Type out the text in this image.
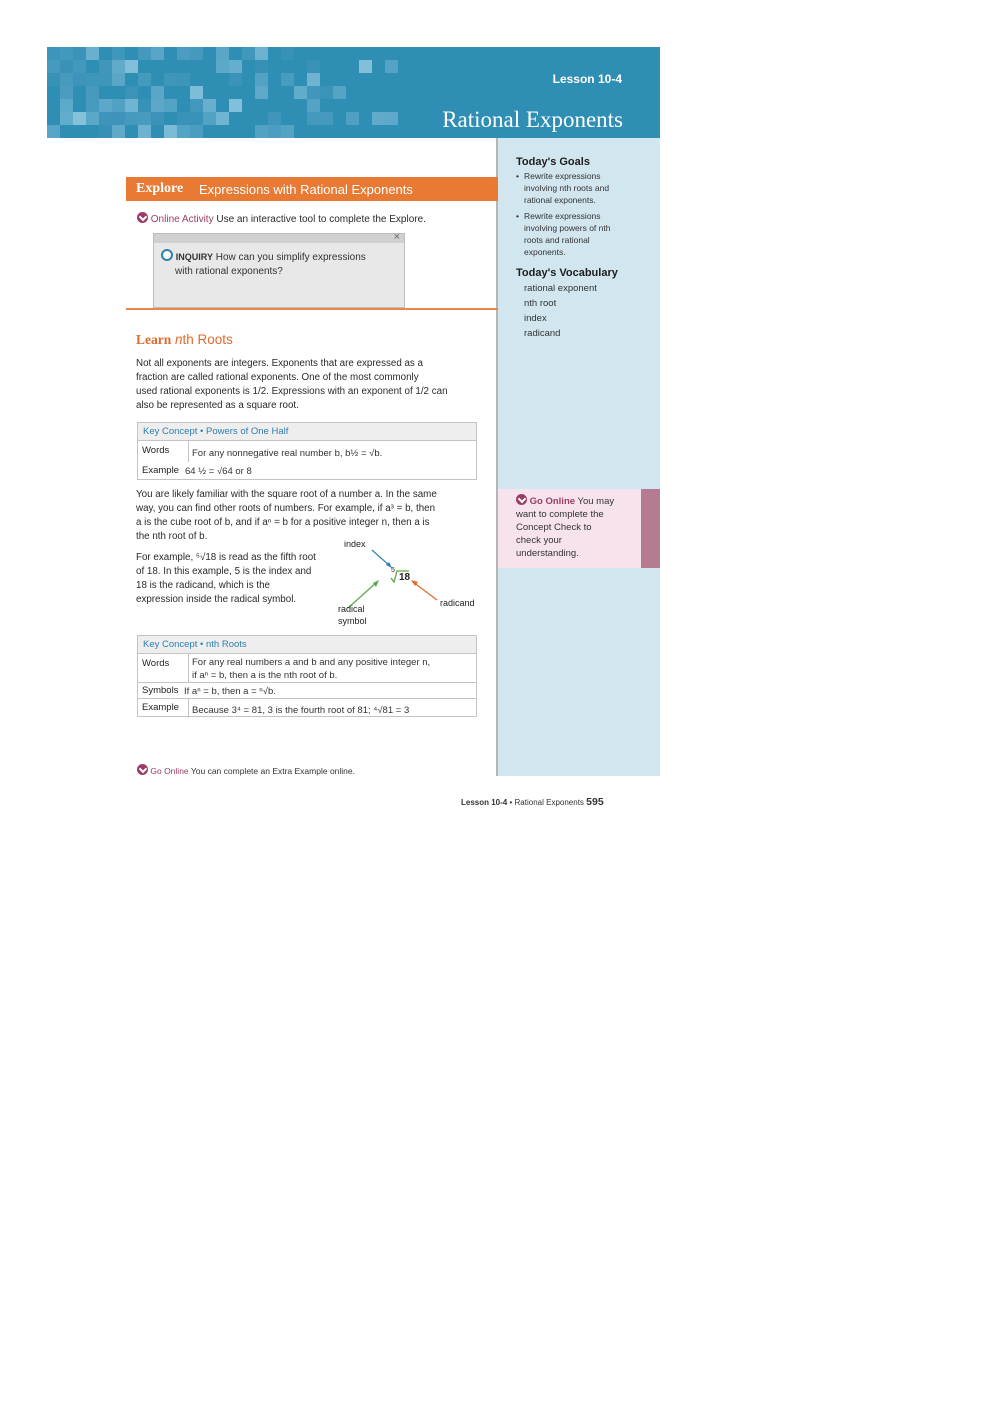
Lesson 10-4
Rational Exponents
Today's Goals
• Rewrite expressions
involving nth roots and
rational exponents.
• Rewrite expressions
involving powers of nth
roots and rational
exponents.
Today's Vocabulary
rational exponent
nth root
index
radicand
Go Online You may
want to complete the
Concept Check to
check your
understanding.
Explore Expressions with Rational Exponents
Online Activity Use an interactive tool to complete the Explore.
×
INQUIRY How can you simplify expressions
with rational exponents?
Learn nth Roots
Not all exponents are integers. Exponents that are expressed as a
fraction are called rational exponents. One of the most commonly
used rational exponents is 1/2. Expressions with an exponent of 1/2 can
also be represented as a square root.
Key Concept • Powers of One Half
Words For any nonnegative real number b, b½ = √b.
Example 64 ½ = √64 or 8
You are likely familiar with the square root of a number a. In the same
way, you can find other roots of numbers. For example, if a³ = b, then
a is the cube root of b, and if aⁿ = b for a positive integer n, then a is
the nth root of b.
For example, ⁵√18 is read as the fifth root
of 18. In this example, 5 is the index and
18 is the radicand, which is the
expression inside the radical symbol.
index
radicand
radical
symbol
5
18
Key Concept • nth Roots
Words For any real numbers a and b and any positive integer n,
if aⁿ = b, then a is the nth root of b.
Symbols If aⁿ = b, then a = ⁿ√b.
Example Because 3⁴ = 81, 3 is the fourth root of 81; ⁴√81 = 3
Go Online You can complete an Extra Example online.
Lesson 10-4 • Rational Exponents 595
